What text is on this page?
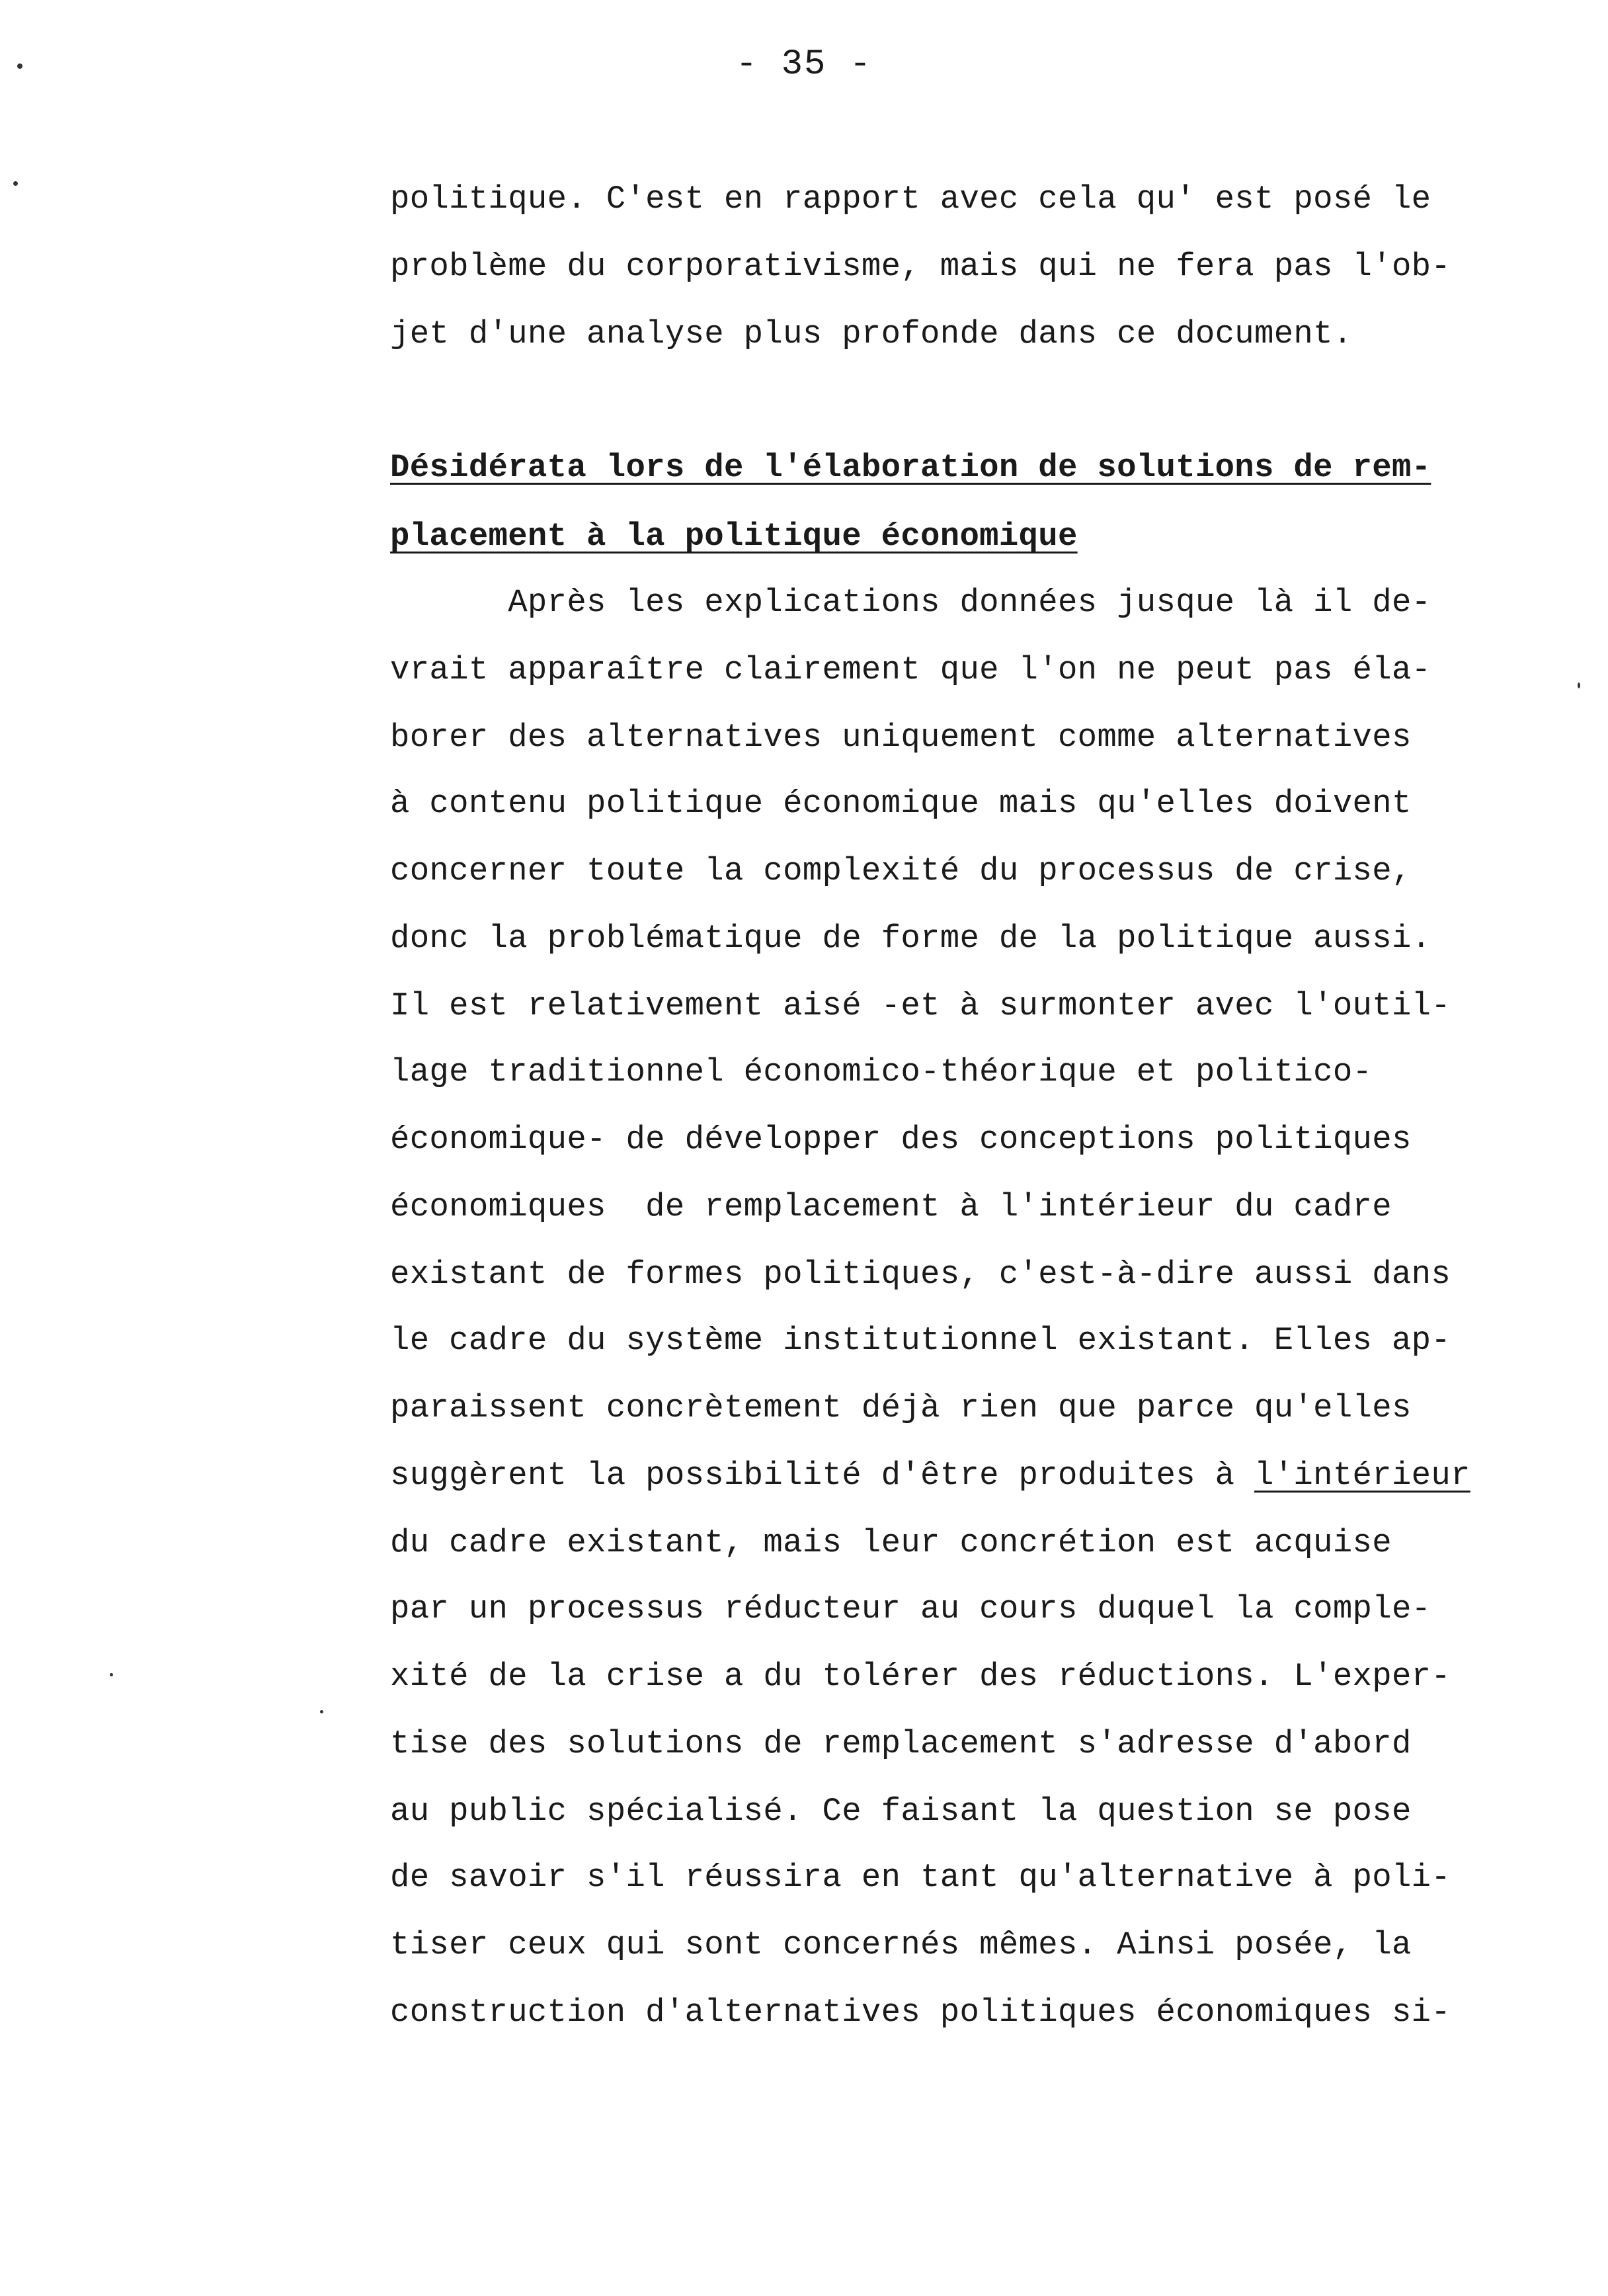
- 35 -
politique. C'est en rapport avec cela qu' est posé le
problème du corporativisme, mais qui ne fera pas l'ob-
jet d'une analyse plus profonde dans ce document.
Désidérata lors de l'élaboration de solutions de rem-
placement à la politique économique
Après les explications données jusque là il de-
vrait apparaître clairement que l'on ne peut pas éla-
borer des alternatives uniquement comme alternatives
à contenu politique économique mais qu'elles doivent
concerner toute la complexité du processus de crise,
donc la problématique de forme de la politique aussi.
Il est relativement aisé -et à surmonter avec l'outil-
lage traditionnel économico-théorique et politico-
économique- de développer des conceptions politiques
économiques  de remplacement à l'intérieur du cadre
existant de formes politiques, c'est-à-dire aussi dans
le cadre du système institutionnel existant. Elles ap-
paraissent concrètement déjà rien que parce qu'elles
suggèrent la possibilité d'être produites à l'intérieur
du cadre existant, mais leur concrétion est acquise
par un processus réducteur au cours duquel la comple-
xité de la crise a du tolérer des réductions. L'exper-
tise des solutions de remplacement s'adresse d'abord
au public spécialisé. Ce faisant la question se pose
de savoir s'il réussira en tant qu'alternative à poli-
tiser ceux qui sont concernés mêmes. Ainsi posée, la
construction d'alternatives politiques économiques si-
